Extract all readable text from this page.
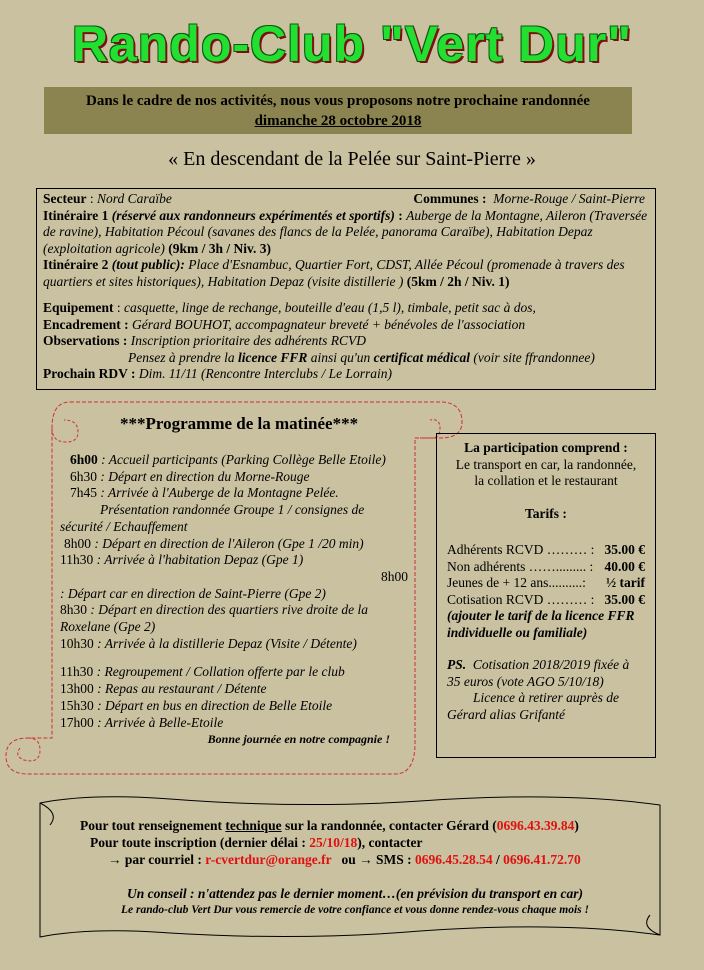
Rando-Club "Vert Dur"
Dans le cadre de nos activités, nous vous proposons notre prochaine randonnée
dimanche 28 octobre 2018
« En descendant de la Pelée sur Saint-Pierre »
Secteur : Nord Caraïbe	Communes : Morne-Rouge / Saint-Pierre
Itinéraire 1 (réservé aux randonneurs expérimentés et sportifs) : Auberge de la Montagne, Aileron (Traversée de ravine), Habitation Pécoul (savanes des flancs de la Pelée, panorama Caraïbe), Habitation Depaz (exploitation agricole) (9km / 3h / Niv. 3)
Itinéraire 2 (tout public): Place d'Esnambuc, Quartier Fort, CDST, Allée Pécoul (promenade à travers des quartiers et sites historiques), Habitation Depaz (visite distillerie ) (5km / 2h / Niv. 1)
Equipement : casquette, linge de rechange, bouteille d'eau (1,5 l), timbale, petit sac à dos,
Encadrement : Gérard BOUHOT, accompagnateur breveté + bénévoles de l'association
Observations : Inscription prioritaire des adhérents RCVD
Pensez à prendre la licence FFR ainsi qu'un certificat médical (voir site ffrandonnee)
Prochain RDV : Dim. 11/11 (Rencontre Interclubs / Le Lorrain)
***Programme de la matinée***
6h00 : Accueil participants (Parking Collège Belle Etoile)
6h30 : Départ en direction du Morne-Rouge
7h45 : Arrivée à l'Auberge de la Montagne Pelée.
Présentation randonnée Groupe 1 / consignes de
sécurité / Echauffement
8h00 : Départ en direction de l'Aileron (Gpe 1 /20 min)
11h30 : Arrivée à l'habitation Depaz (Gpe 1)
8h00
: Départ car en direction de Saint-Pierre (Gpe 2)
8h30 : Départ en direction des quartiers rive droite de la
Roxelane (Gpe 2)
10h30 : Arrivée à la distillerie Depaz (Visite / Détente)
11h30 : Regroupement / Collation offerte par le club
13h00 : Repas au restaurant / Détente
15h30 : Départ en bus en direction de Belle Etoile
17h00 : Arrivée à Belle-Etoile
Bonne journée en notre compagnie !
La participation comprend :
Le transport en car, la randonnée,
la collation et le restaurant
Tarifs :
Adhérents RCVD ……… : 35.00 €
Non adhérents ……......... : 40.00 €
Jeunes de + 12 ans..........: ½ tarif
Cotisation RCVD ……… : 35.00 €
(ajouter le tarif de la licence FFR individuelle ou familiale)
PS. Cotisation 2018/2019 fixée à 35 euros (vote AGO 5/10/18)
Licence à retirer auprès de
Gérard alias Grifanté
Pour tout renseignement technique sur la randonnée, contacter Gérard (0696.43.39.84)
Pour toute inscription (dernier délai : 25/10/18), contacter
→ par courriel : r-cvertdur@orange.fr ou → SMS : 0696.45.28.54 / 0696.41.72.70
Un conseil : n'attendez pas le dernier moment…(en prévision du transport en car)
Le rando-club Vert Dur vous remercie de votre confiance et vous donne rendez-vous chaque mois !
